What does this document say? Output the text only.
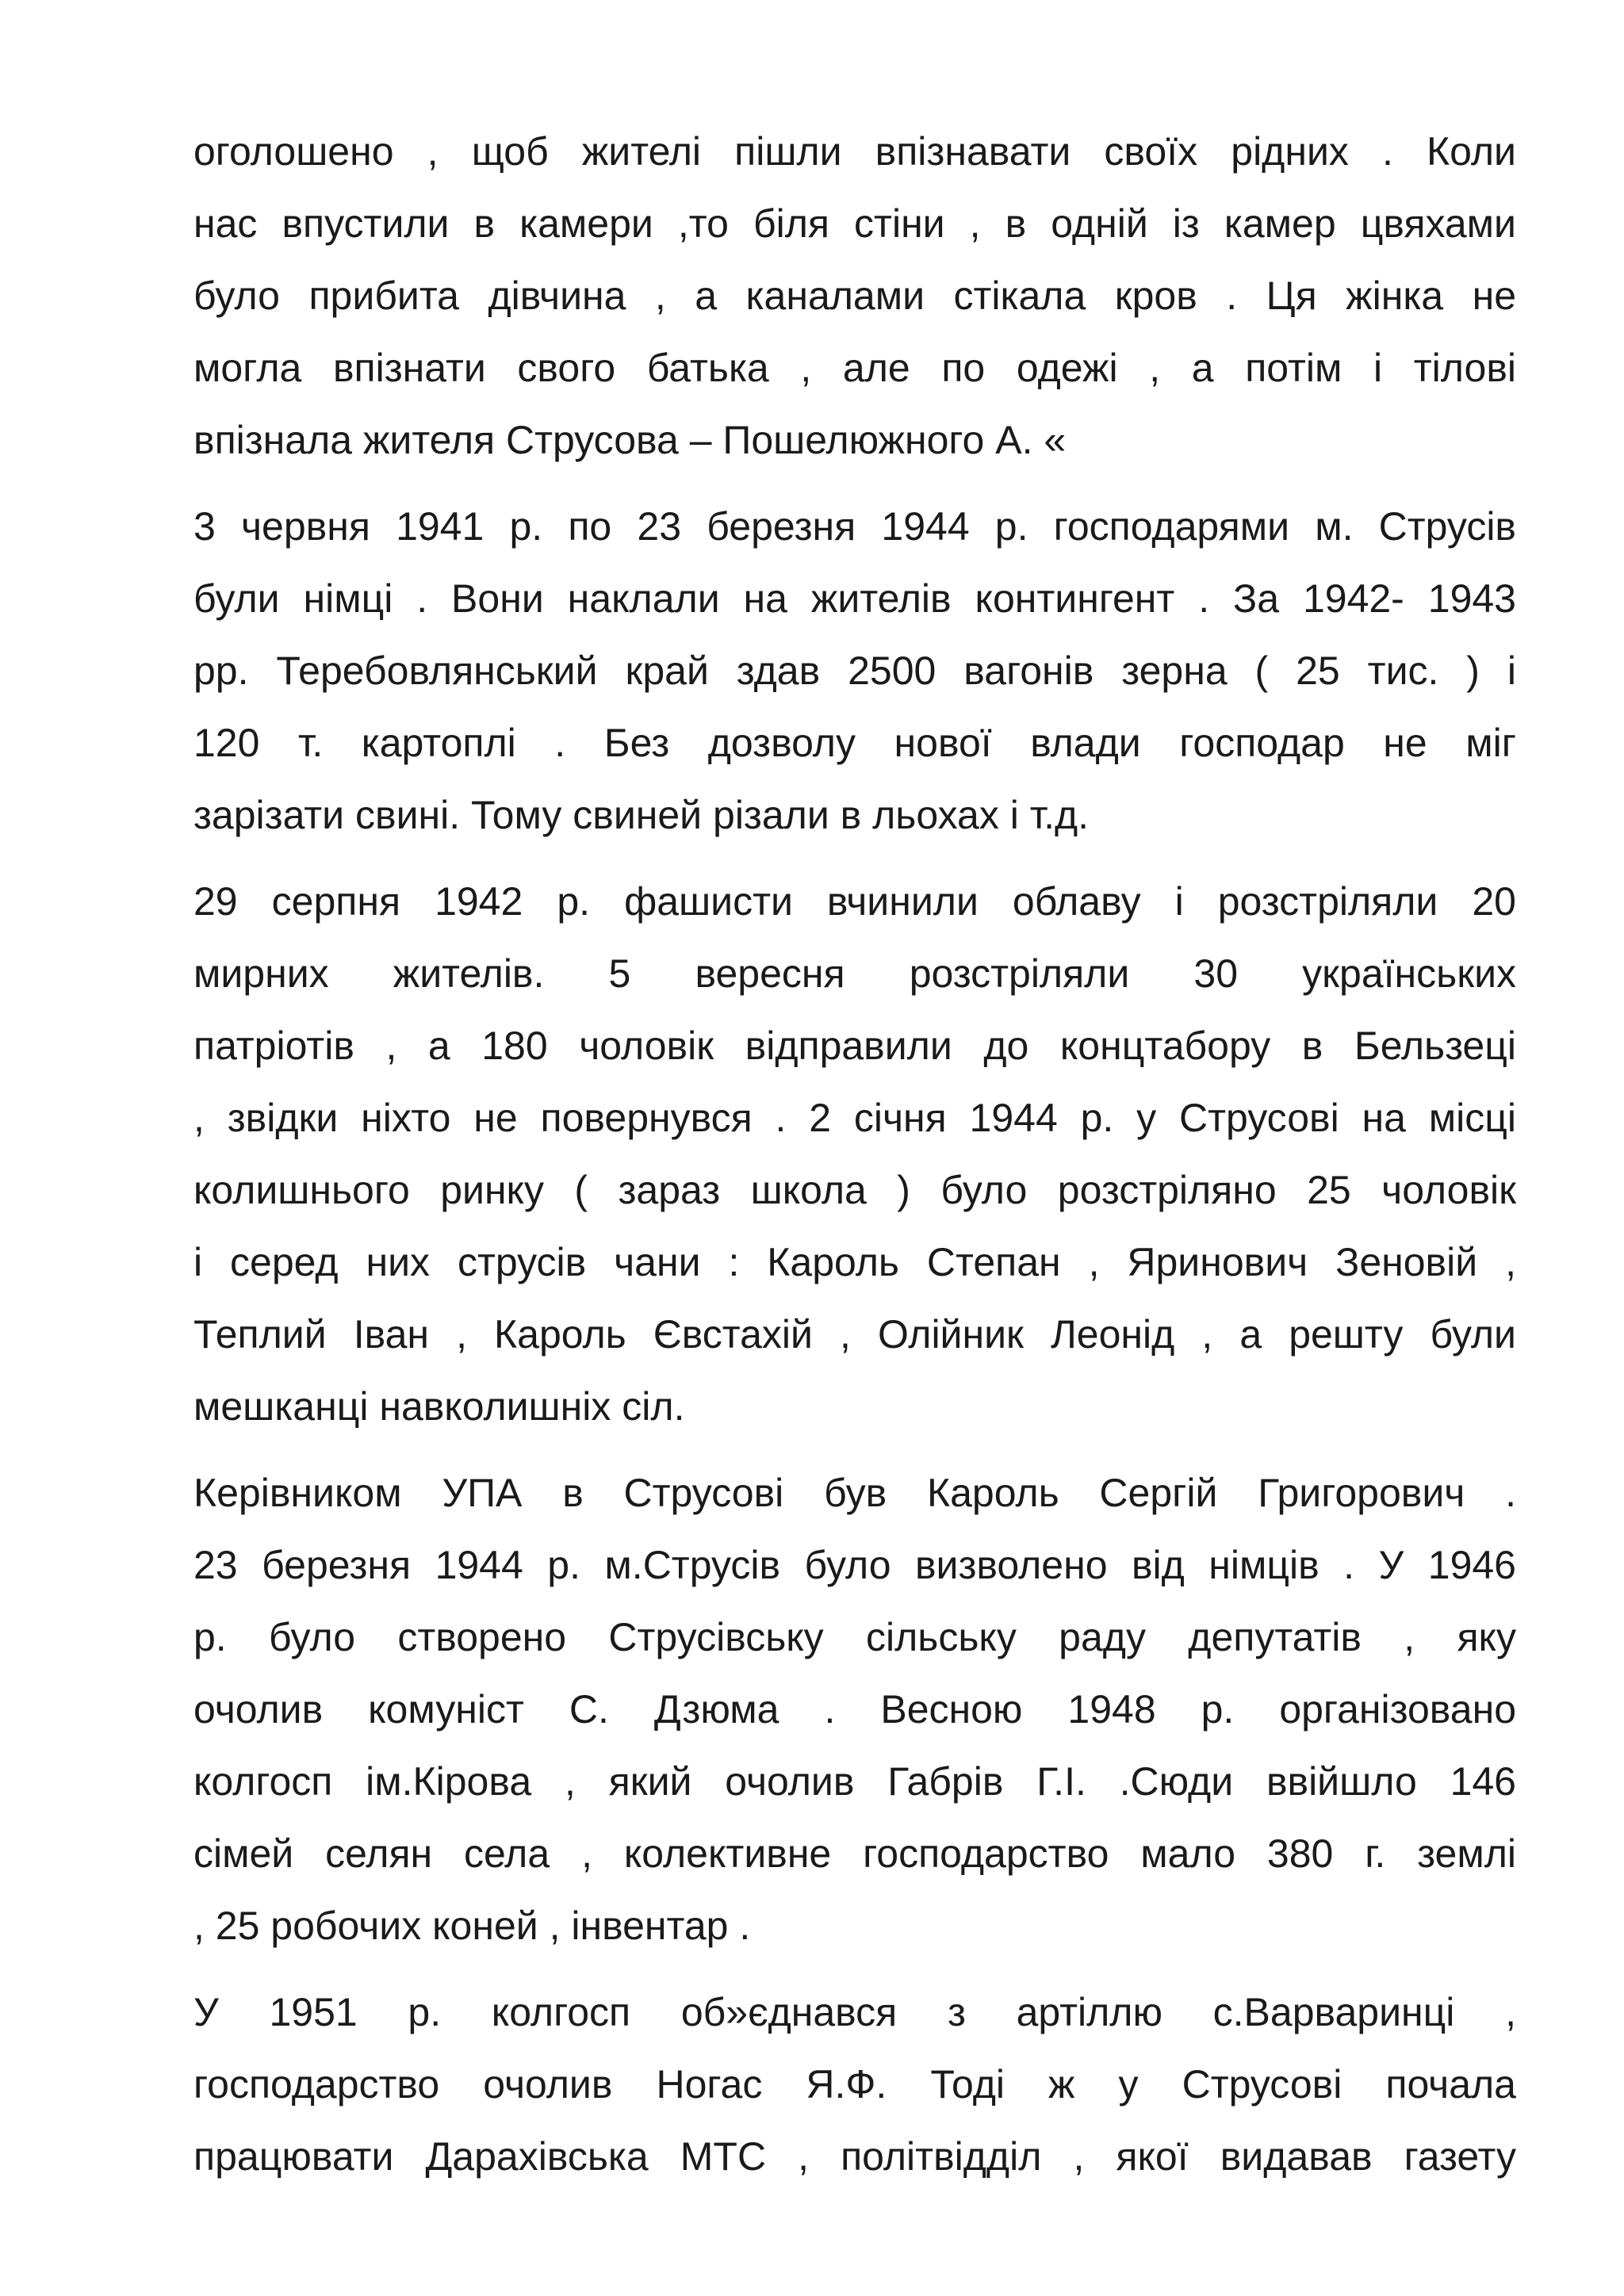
оголошено , щоб жителі пішли впізнавати своїх рідних . Коли
нас впустили в камери ,то біля стіни , в одній із камер цвяхами
було прибита дівчина , а каналами стікала кров . Ця жінка не
могла впізнати свого батька , але по одежі , а потім і тілові
впізнала жителя Струсова – Пошелюжного А. «
3 червня 1941 р. по 23 березня 1944 р. господарями м. Струсів
були німці . Вони наклали на жителів контингент . За 1942- 1943
рр. Теребовлянський край здав 2500 вагонів зерна ( 25 тис. ) і
120 т. картоплі . Без дозволу нової влади господар не міг
зарізати свині. Тому свиней різали в льохах і т.д.
29 серпня 1942 р. фашисти вчинили облаву і розстріляли 20
мирних жителів. 5 вересня розстріляли 30 українських
патріотів , а 180 чоловік відправили до концтабору в Бельзеці
, звідки ніхто не повернувся . 2 січня 1944 р. у Струсові на місці
колишнього ринку ( зараз школа ) було розстріляно 25 чоловік
і серед них струсів чани : Кароль Степан , Яринович Зеновій ,
Теплий Іван , Кароль Євстахій , Олійник Леонід , а решту були
мешканці навколишніх сіл.
Керівником УПА в Струсові був Кароль Сергій Григорович .
23 березня 1944 р. м.Струсів було визволено від німців . У 1946
р. було створено Струсівську сільську раду депутатів , яку
очолив комуніст С. Дзюма . Весною 1948 р. організовано
колгосп ім.Кірова , який очолив Габрів Г.І. .Сюди ввійшло 146
сімей селян села , колективне господарство мало 380 г. землі
, 25 робочих коней , інвентар .
У 1951 р. колгосп об»єднався з артіллю с.Варваринці ,
господарство очолив Ногас Я.Ф. Тоді ж у Струсові почала
працювати Дарахівська МТС , політвідділ , якої видавав газету
